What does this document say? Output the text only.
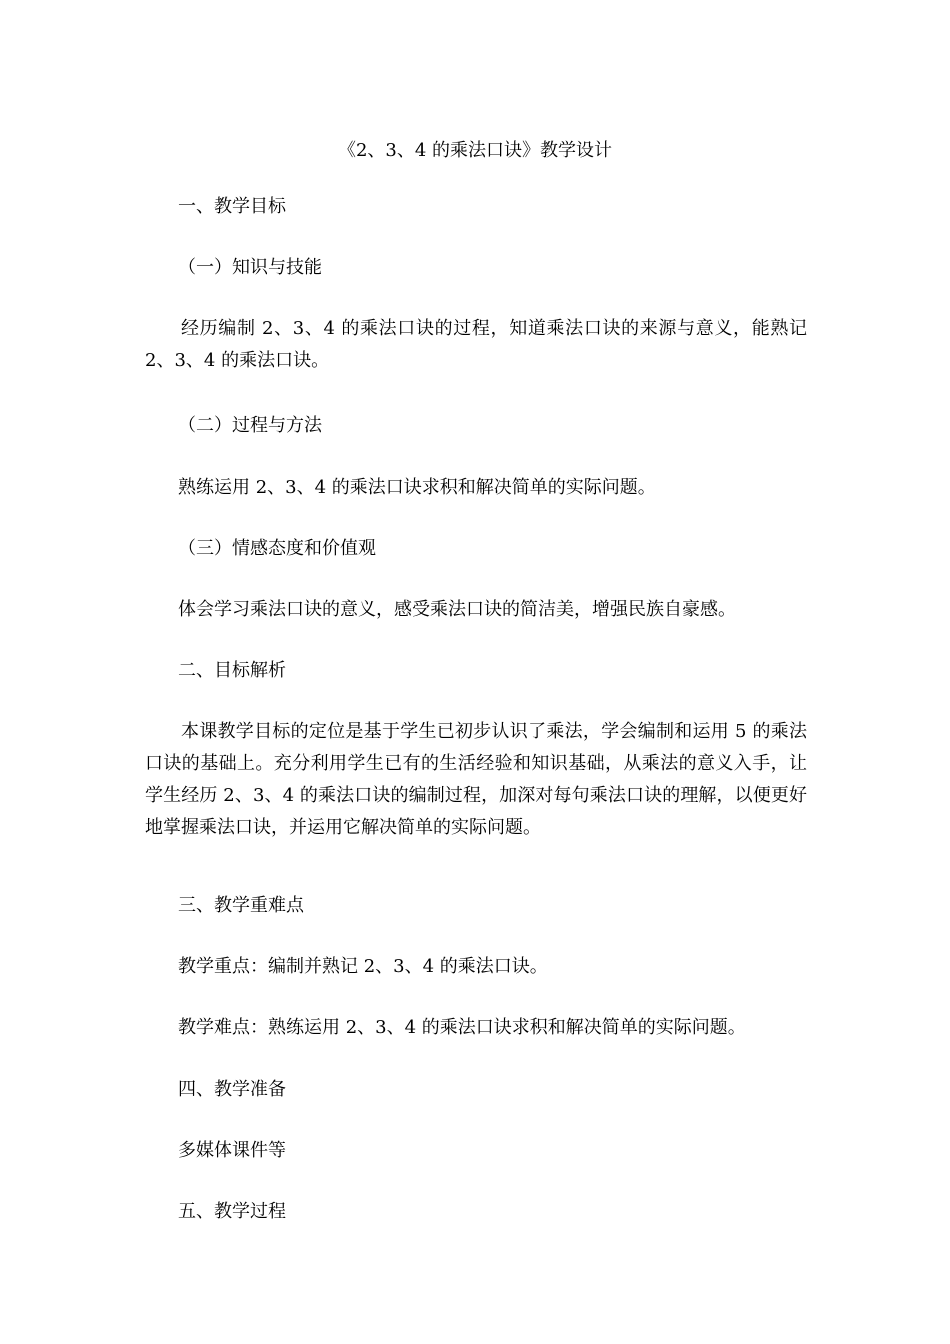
《2、3、4 的乘法口诀》教学设计

一、教学目标

（一）知识与技能

经历编制 2、3、4 的乘法口诀的过程，知道乘法口诀的来源与意义，能熟记 2、3、4 的乘法口诀。

（二）过程与方法

熟练运用 2、3、4 的乘法口诀求积和解决简单的实际问题。

（三）情感态度和价值观

体会学习乘法口诀的意义，感受乘法口诀的简洁美，增强民族自豪感。

二、目标解析

本课教学目标的定位是基于学生已初步认识了乘法，学会编制和运用 5 的乘法口诀的基础上。充分利用学生已有的生活经验和知识基础，从乘法的意义入手，让学生经历 2、3、4 的乘法口诀的编制过程，加深对每句乘法口诀的理解，以便更好地掌握乘法口诀，并运用它解决简单的实际问题。

三、教学重难点

教学重点：编制并熟记 2、3、4 的乘法口诀。

教学难点：熟练运用 2、3、4 的乘法口诀求积和解决简单的实际问题。

四、教学准备

多媒体课件等

五、教学过程
